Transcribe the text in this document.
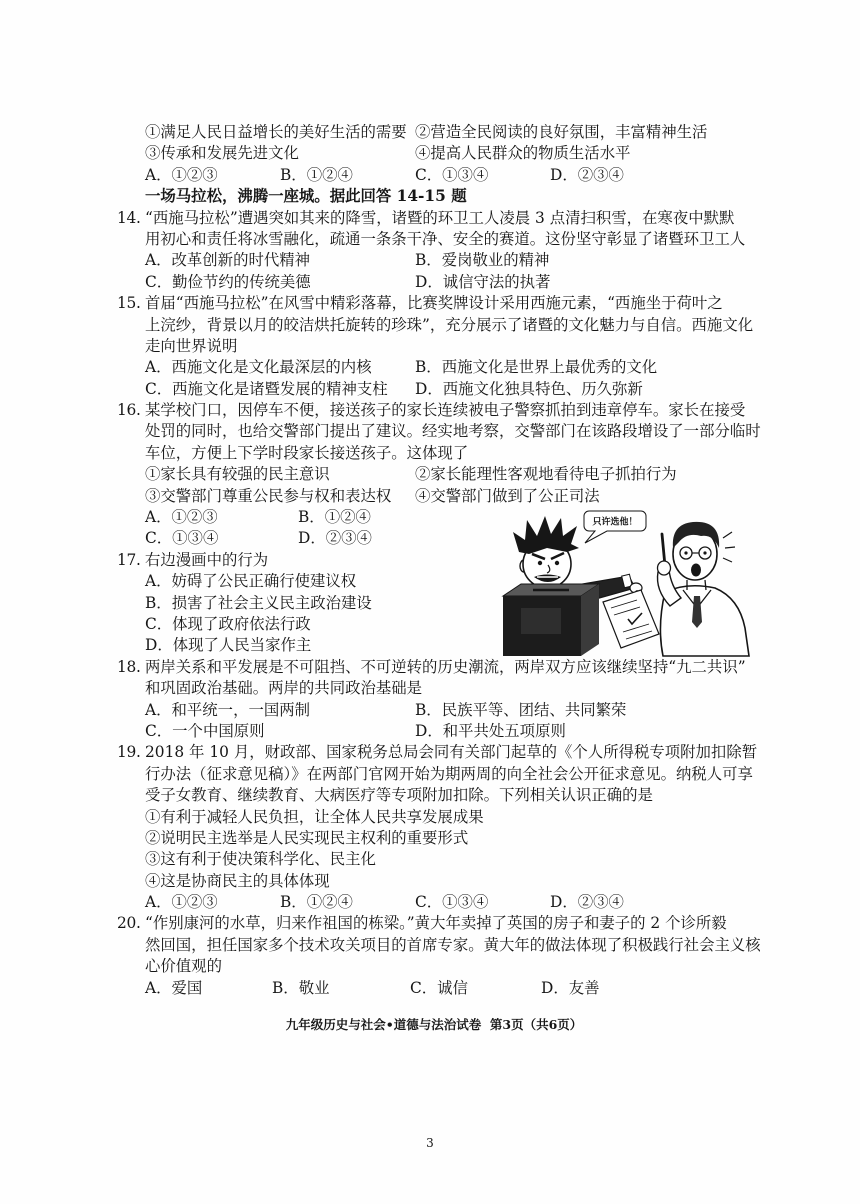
①满足人民日益增长的美好生活的需要 ②营造全民阅读的良好氛围，丰富精神生活
③传承和发展先进文化	④提高人民群众的物质生活水平
A．①②③	B．①②④	C．①③④	D．②③④
一场马拉松，沸腾一座城。据此回答 14-15 题
14. “西施马拉松”遭遇突如其来的降雪，诸暨的环卫工人凌晨 3 点清扫积雪，在寒夜中默默
用初心和责任将冰雪融化，疏通一条条干净、安全的赛道。这份坚守彰显了诸暨环卫工人
A．改革创新的时代精神	B．爱岗敬业的精神
C．勤俭节约的传统美德	D．诚信守法的执著
15. 首届“西施马拉松”在风雪中精彩落幕，比赛奖牌设计采用西施元素，“西施坐于荷叶之
上浣纱，背景以月的皎洁烘托旋转的珍珠”，充分展示了诸暨的文化魅力与自信。西施文化
走向世界说明
A．西施文化是文化最深层的内核	B．西施文化是世界上最优秀的文化
C．西施文化是诸暨发展的精神支柱 D．西施文化独具特色、历久弥新
16. 某学校门口，因停车不便，接送孩子的家长连续被电子警察抓拍到违章停车。家长在接受
处罚的同时，也给交警部门提出了建议。经实地考察，交警部门在该路段增设了一部分临时
车位，方便上下学时段家长接送孩子。这体现了
①家长具有较强的民主意识	②家长能理性客观地看待电子抓拍行为
③交警部门尊重公民参与权和表达权 ④交警部门做到了公正司法
A．①②③	B．①②④
C．①③④	D．②③④
17. 右边漫画中的行为
A．妨碍了公民正确行使建议权
B．损害了社会主义民主政治建设
C．体现了政府依法行政
D．体现了人民当家作主
18. 两岸关系和平发展是不可阻挡、不可逆转的历史潮流，两岸双方应该继续坚持“九二共识”
和巩固政治基础。两岸的共同政治基础是
A．和平统一，一国两制	B．民族平等、团结、共同繁荣
C．一个中国原则	D．和平共处五项原则
19. 2018 年 10 月，财政部、国家税务总局会同有关部门起草的《个人所得税专项附加扣除暂
行办法（征求意见稿）》在两部门官网开始为期两周的向全社会公开征求意见。纳税人可享
受子女教育、继续教育、大病医疗等专项附加扣除。下列相关认识正确的是
①有利于减轻人民负担，让全体人民共享发展成果
②说明民主选举是人民实现民主权利的重要形式
③这有利于使决策科学化、民主化
④这是协商民主的具体体现
A．①②③	B．①②④	C．①③④	D．②③④
20. “作别康河的水草，归来作祖国的栋梁。”黄大年卖掉了英国的房子和妻子的 2 个诊所毅
然回国，担任国家多个技术攻关项目的首席专家。黄大年的做法体现了积极践行社会主义核
心价值观的
A．爱国	B．敬业	C．诚信	D．友善
只许选他！
九年级历史与社会•道德与法治试卷  第3页（共6页）
3
